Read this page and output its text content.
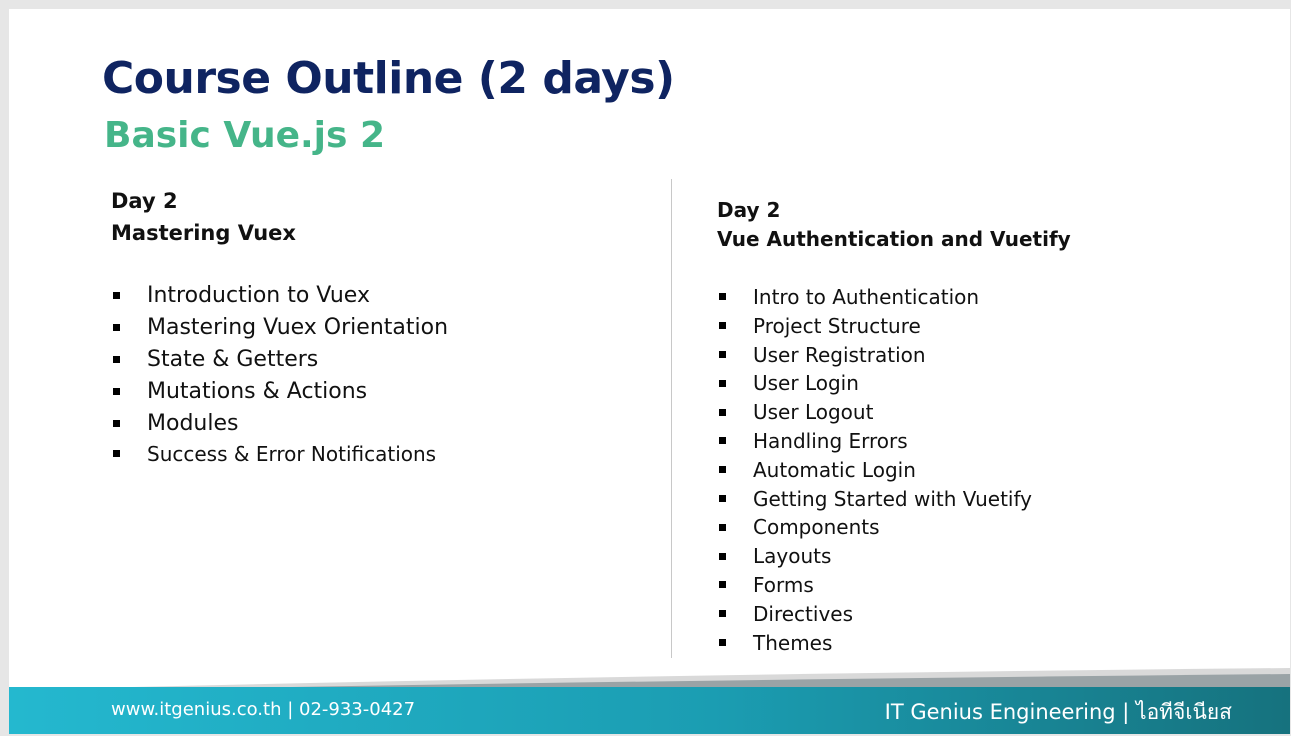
Course Outline (2 days)
Basic Vue.js 2
Day 2
Mastering Vuex
Introduction to Vuex
Mastering Vuex Orientation
State & Getters
Mutations & Actions
Modules
Success & Error Notifications
Day 2
Vue Authentication and Vuetify
Intro to Authentication
Project Structure
User Registration
User Login
User Logout
Handling Errors
Automatic Login
Getting Started with Vuetify
Components
Layouts
Forms
Directives
Themes
www.itgenius.co.th | 02-933-0427	IT Genius Engineering | ไอทีจีเนียส
